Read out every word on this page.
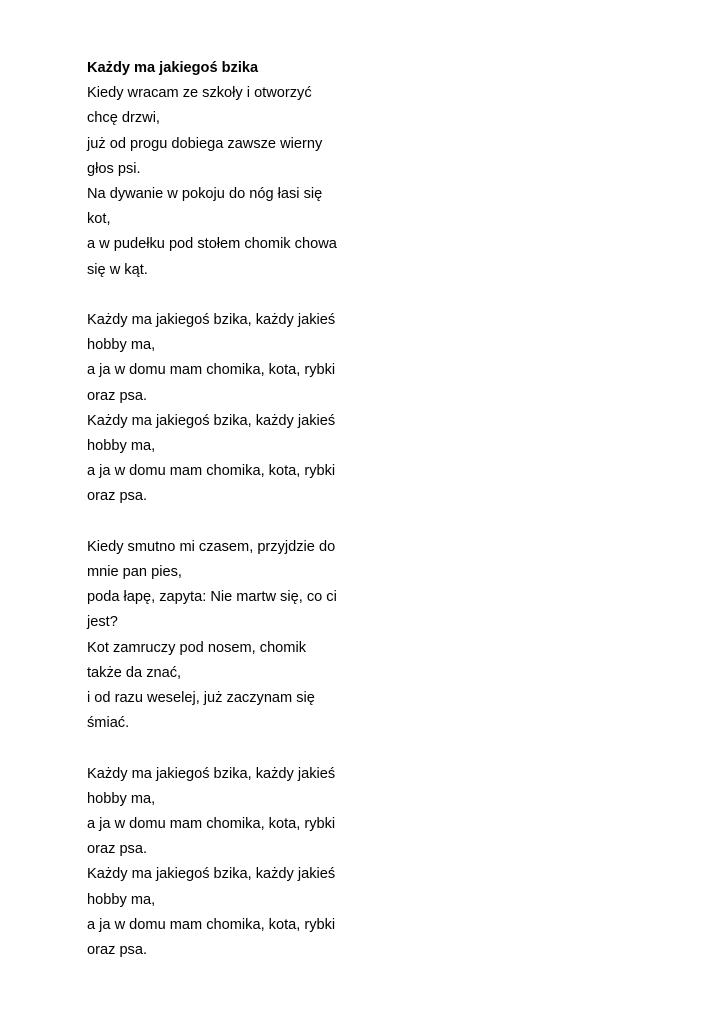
Każdy ma jakiegoś bzika

Kiedy wracam ze szkoły i otworzyć

chcę drzwi,

już od progu dobiega zawsze wierny

głos psi.

Na dywanie w pokoju do nóg łasi się

kot,

a w pudełku pod stołem chomik chowa

się w kąt.

Każdy ma jakiegoś bzika, każdy jakieś

hobby ma,

a ja w domu mam chomika, kota, rybki

oraz psa.

Każdy ma jakiegoś bzika, każdy jakieś

hobby ma,

a ja w domu mam chomika, kota, rybki

oraz psa.

Kiedy smutno mi czasem, przyjdzie do

mnie pan pies,

poda łapę, zapyta: Nie martw się, co ci

jest?

Kot zamruczy pod nosem, chomik

także da znać,

i od razu weselej, już zaczynam się

śmiać.

Każdy ma jakiegoś bzika, każdy jakieś

hobby ma,

a ja w domu mam chomika, kota, rybki

oraz psa.

Każdy ma jakiegoś bzika, każdy jakieś

hobby ma,

a ja w domu mam chomika, kota, rybki

oraz psa.
